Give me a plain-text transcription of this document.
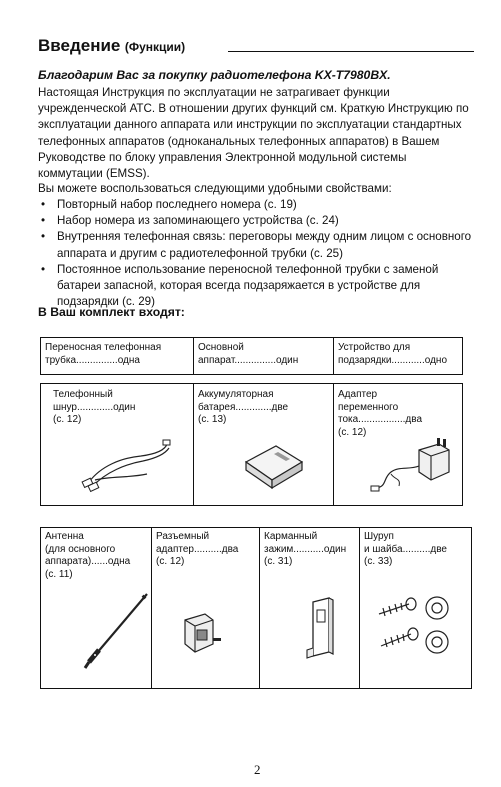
Введение (Функции)
Благодарим Вас за покупку радиотелефона KX-T7980BX.

Настоящая Инструкция по эксплуатации не затрагивает функции учрежденческой АТС. В отношении других функций см. Краткую Инструкцию по эксплуатации данного аппарата или инструкции по эксплуатации стандартных телефонных аппаратов (одноканальных телефонных аппаратов) в Вашем Руководстве по блоку управления Электронной модульной системы коммутации (EMSS).

Вы можете воспользоваться следующими удобными свойствами:

• Повторный набор последнего номера (с. 19)
• Набор номера из запоминающего устройства (с. 24)
• Внутренняя телефонная связь: переговоры между одним лицом с основного аппарата и другим с радиотелефонной трубки (с. 25)
• Постоянное использование переносной телефонной трубки с заменой батареи запасной, которая всегда подзаряжается в устройстве для подзарядки (с. 29)
В Ваш комплект входят:
Переносная телефонная
трубка...............одна
Основной
аппарат...............один
Устройство для
подзарядки............одно
Телефонный
шнур.............один
(с. 12)
Аккумуляторная
батарея.............две
(с. 13)
Адаптер
переменного
тока.................два
(с. 12)
Антенна
(для основного
аппарата)......одна
(с. 11)
Разъемный
адаптер..........два
(с. 12)
Карманный
зажим...........один
(с. 31)
Шуруп
и шайба..........две
(с. 33)
2
